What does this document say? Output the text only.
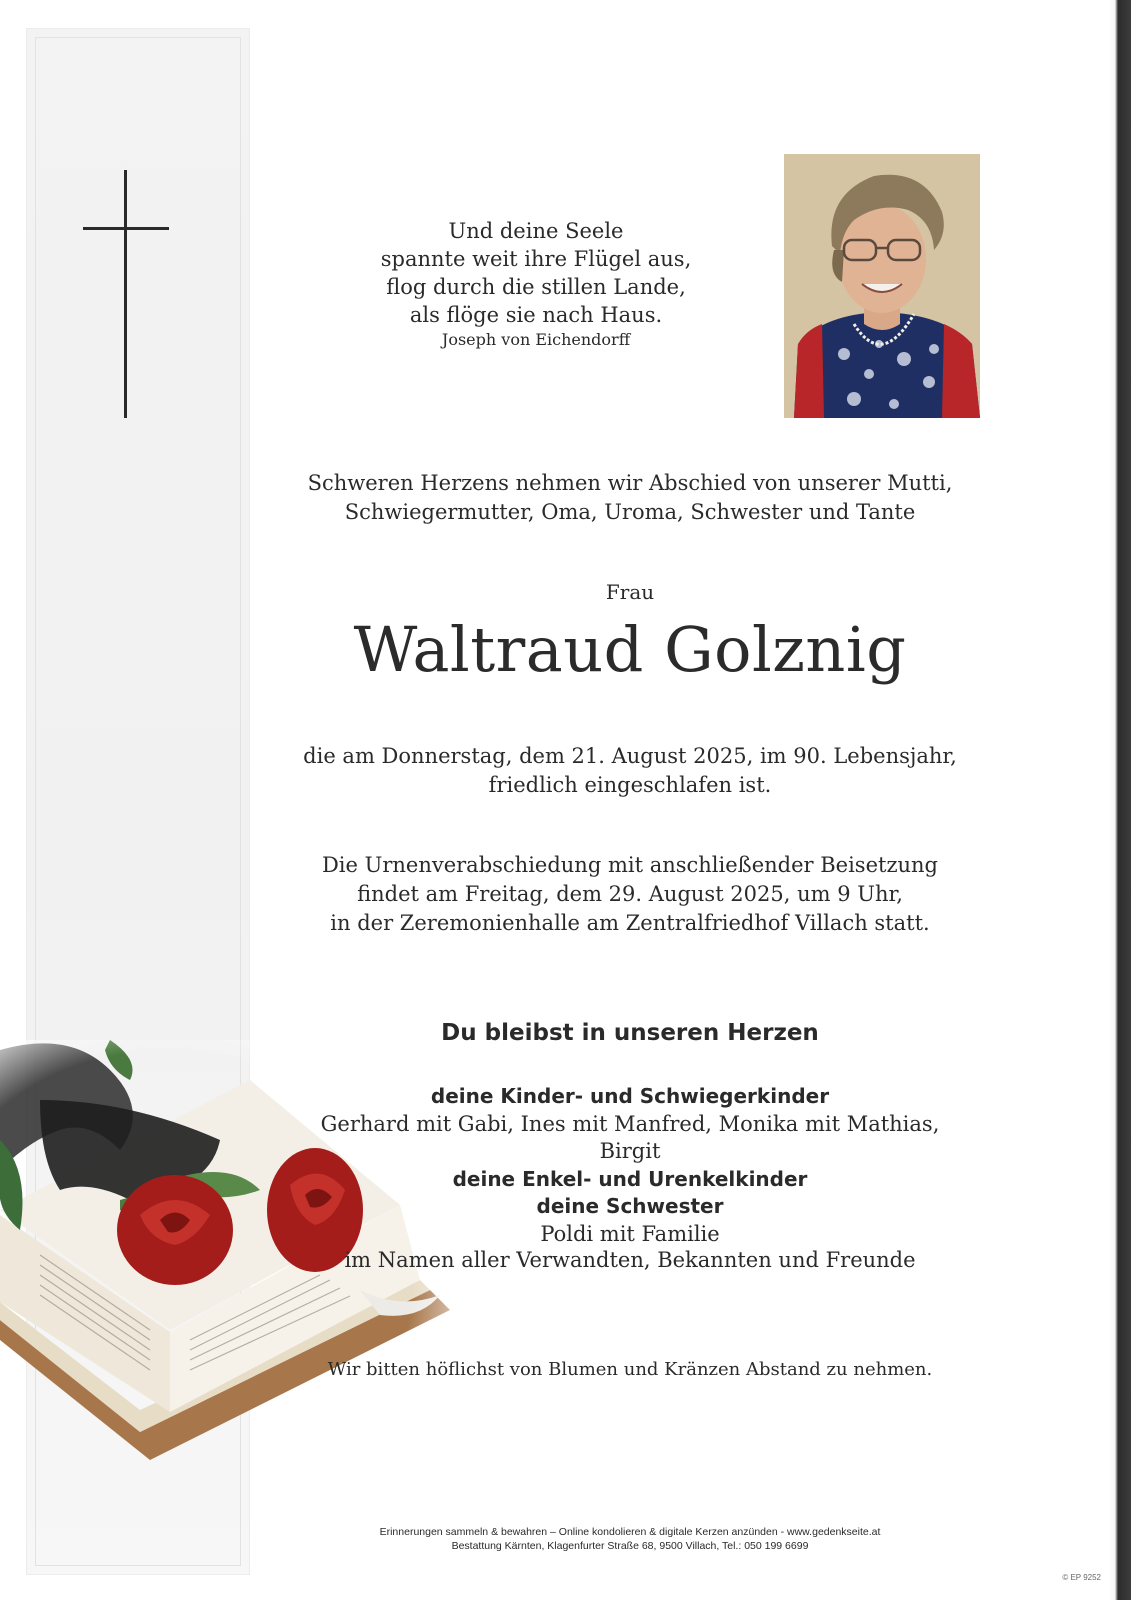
Und deine Seele

spannte weit ihre Flügel aus,

flog durch die stillen Lande,

als flöge sie nach Haus.

Joseph von Eichendorff

Schweren Herzens nehmen wir Abschied von unserer Mutti,

Schwiegermutter, Oma, Uroma, Schwester und Tante

Frau

Waltraud Golznig

die am Donnerstag, dem 21. August 2025, im 90. Lebensjahr,

friedlich eingeschlafen ist.

Die Urnenverabschiedung mit anschließender Beisetzung

findet am Freitag, dem 29. August 2025, um 9 Uhr,

in der Zeremonienhalle am Zentralfriedhof Villach statt.

Du bleibst in unseren Herzen

deine Kinder- und Schwiegerkinder

Gerhard mit Gabi, Ines mit Manfred, Monika mit Mathias, Birgit

deine Enkel- und Urenkelkinder

deine Schwester

Poldi mit Familie

im Namen aller Verwandten, Bekannten und Freunde

Wir bitten höflichst von Blumen und Kränzen Abstand zu nehmen.

Erinnerungen sammeln & bewahren – Online kondolieren & digitale Kerzen anzünden - www.gedenkseite.at

Bestattung Kärnten, Klagenfurter Straße 68, 9500 Villach, Tel.: 050 199 6699

© EP 9252
